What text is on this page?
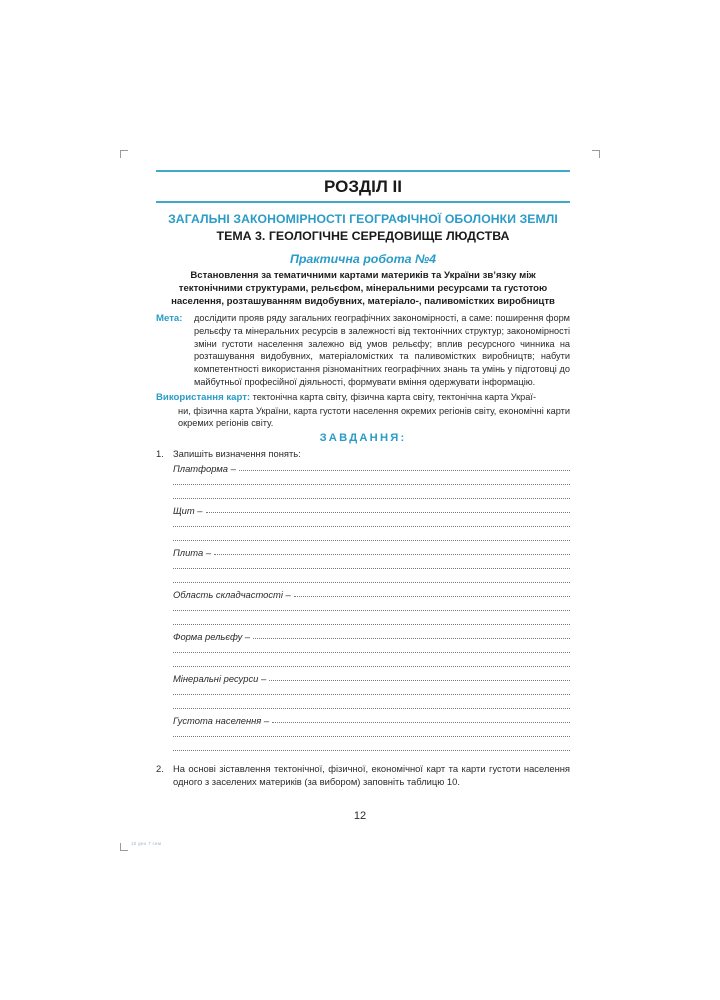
РОЗДІЛ II
ЗАГАЛЬНІ ЗАКОНОМІРНОСТІ ГЕОГРАФІЧНОЇ ОБОЛОНКИ ЗЕМЛІ
ТЕМА 3. ГЕОЛОГІЧНЕ СЕРЕДОВИЩЕ ЛЮДСТВА
Практична робота №4
Встановлення за тематичними картами материків та України зв’язку між тектонічними структурами, рельєфом, мінеральними ресурсами та густотою населення, розташуванням видобувних, матеріало-, паливомістких виробництв
Мета:	дослідити прояв ряду загальних географічних закономірності, а саме: поширення форм рельєфу та мінеральних ресурсів в залежності від тектонічних структур; закономірності зміни густоти населення залежно від умов рельєфу; вплив ресурсного чинника на розташування видобувних, матеріаломістких та паливомістких виробництв; набути компетентності використання різноманітних географічних знань та умінь у підготовці до майбутньої професійної діяльності, формувати вміння одержувати інформацію.
Використання карт: тектонічна карта світу, фізична карта світу, тектонічна карта Украї-
ни, фізична карта України, карта густоти населення окремих регіонів світу, економічні карти окремих регіонів світу.
ЗАВДАННЯ:
1. Запишіть визначення понять:
Платформа –
Щит –
Плита –
Область складчастості –
Форма рельєфу –
Мінеральні ресурси –
Густота населення –
2. На основі зіставлення тектонічної, фізичної, економічної карт та карти густоти населення одного з заселених материків (за вибором) заповніть таблицю 10.
12
10 geo 7 сем
